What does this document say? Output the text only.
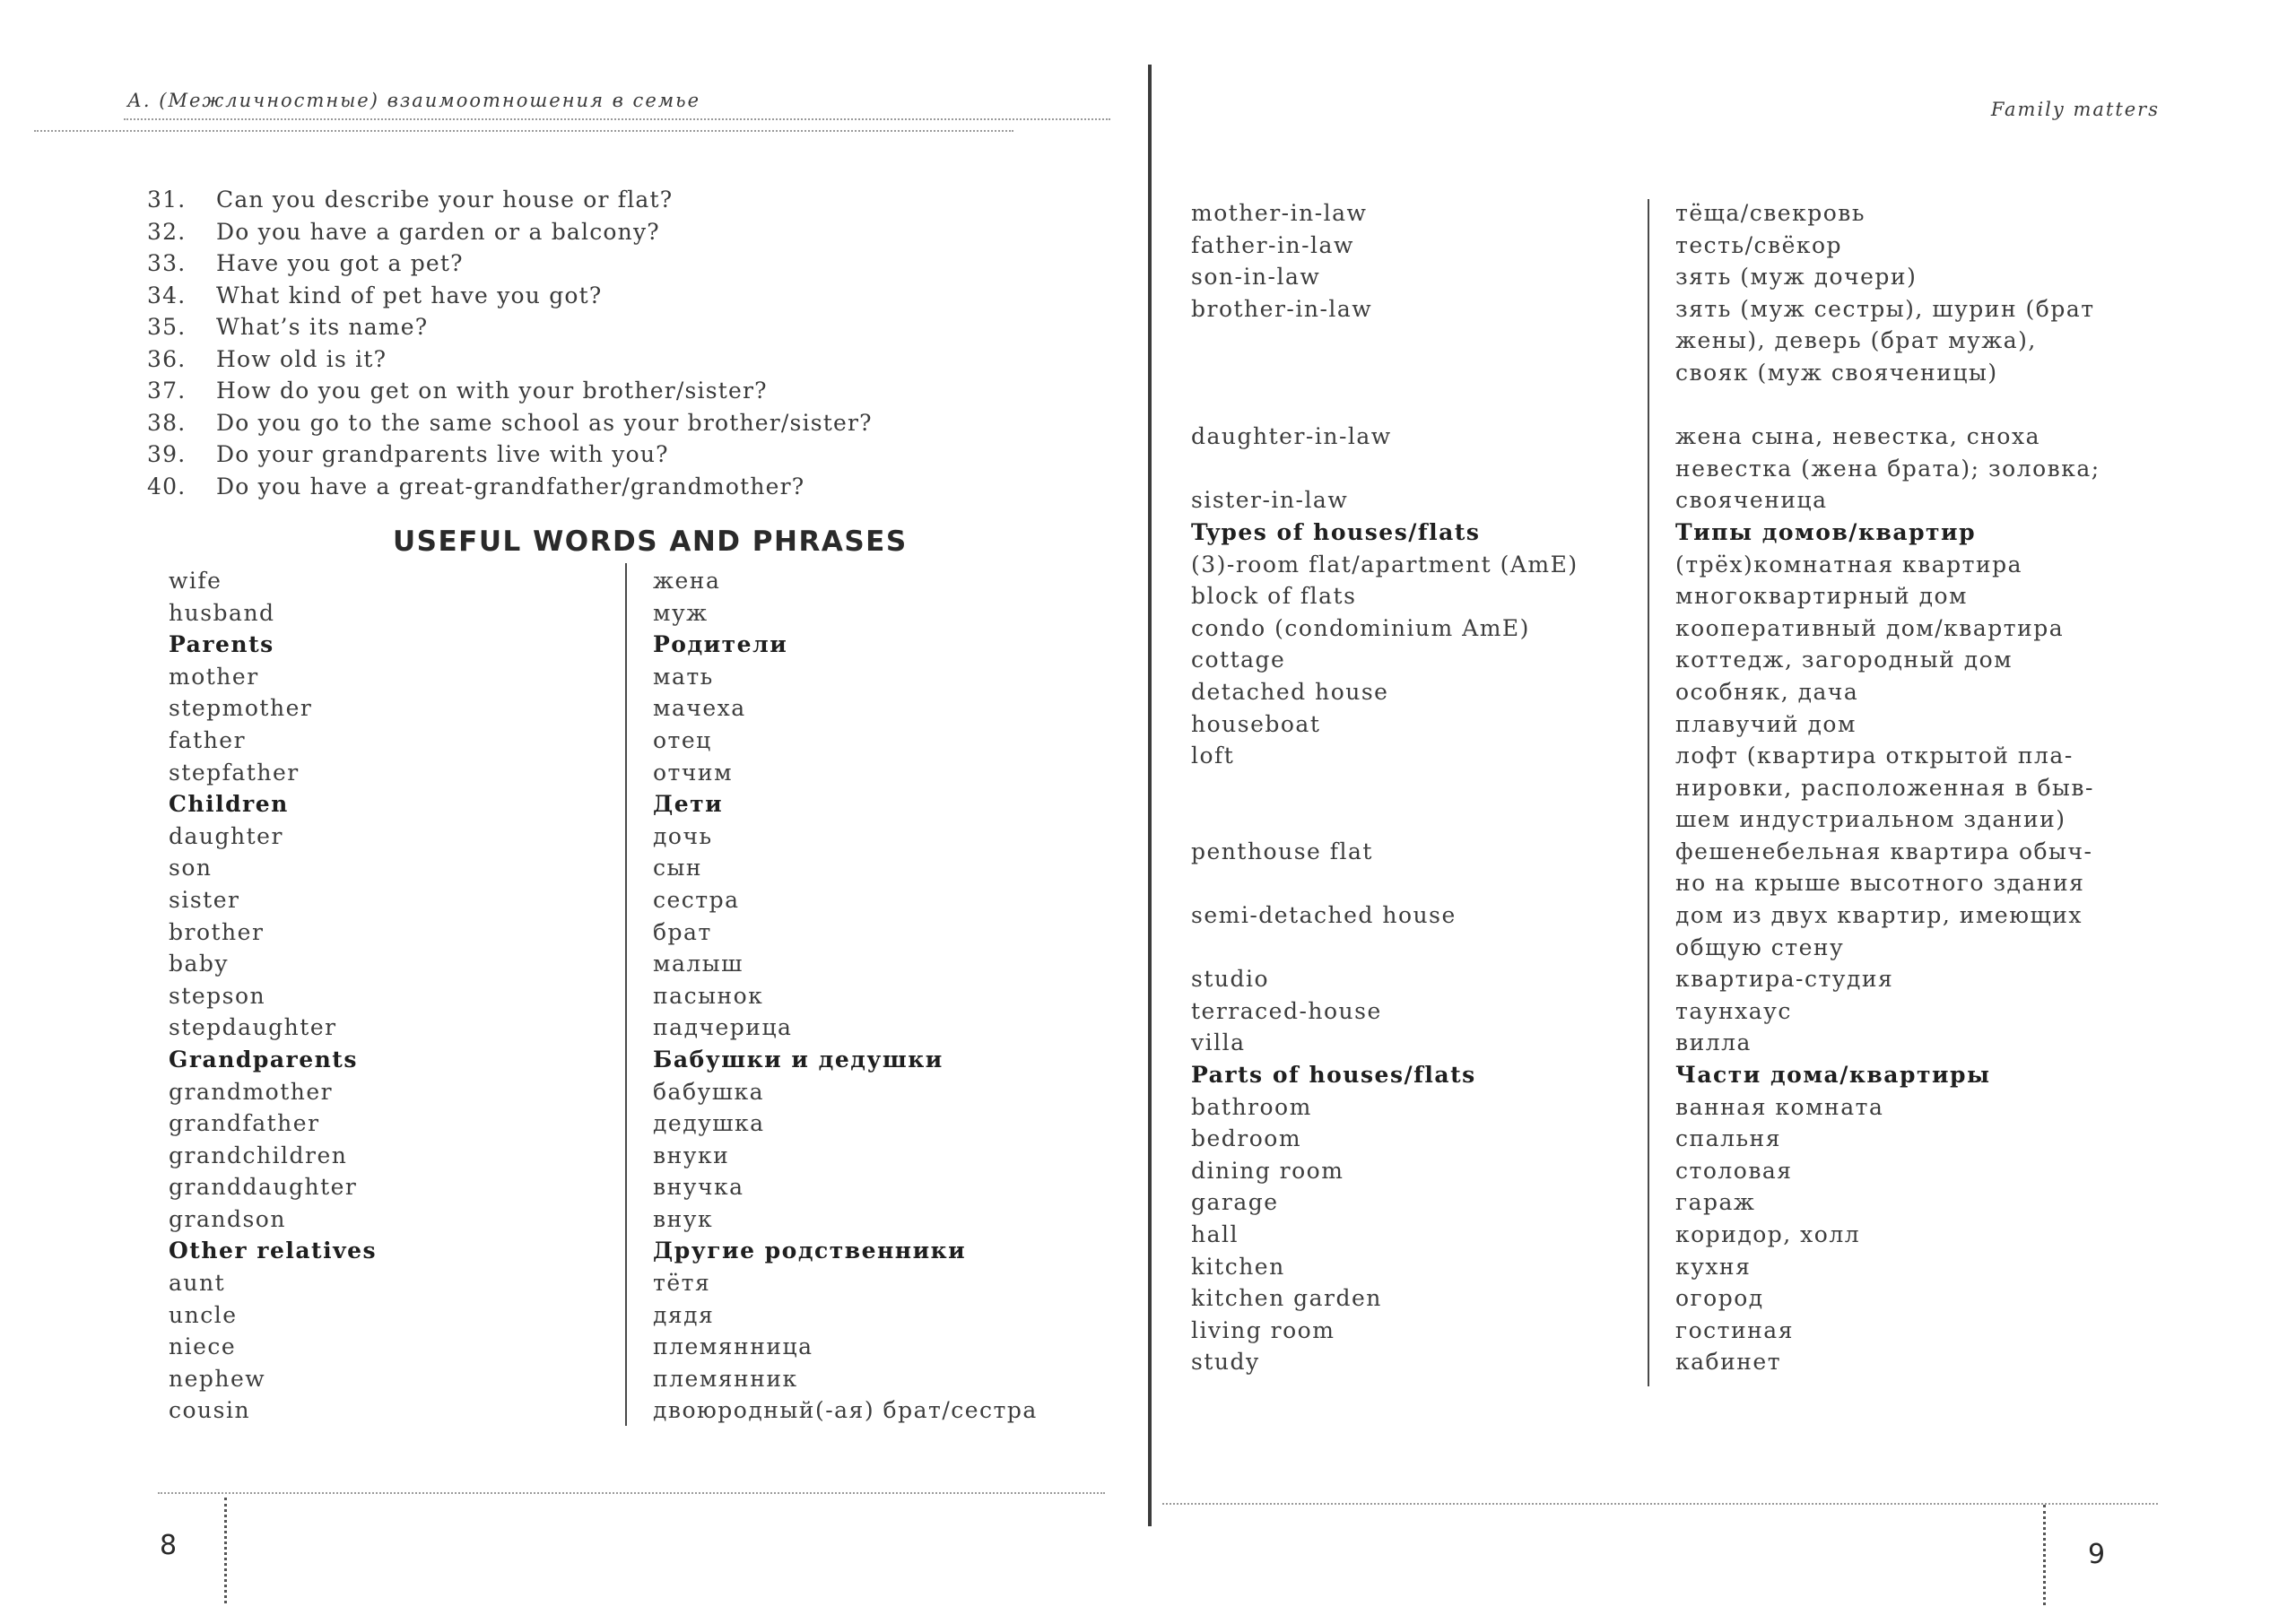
А. (Межличностные) взаимоотношения в семье	Family matters
31. Can you describe your house or flat?
32. Do you have a garden or a balcony?
33. Have you got a pet?
34. What kind of pet have you got?
35. What’s its name?
36. How old is it?
37. How do you get on with your brother/sister?
38. Do you go to the same school as your brother/sister?
39. Do your grandparents live with you?
40. Do you have a great-grandfather/grandmother?
USEFUL WORDS AND PHRASES
wife
husband
Parents
mother
stepmother
father
stepfather
Children
daughter
son
sister
brother
baby
stepson
stepdaughter
Grandparents
grandmother
grandfather
grandchildren
granddaughter
grandson
Other relatives
aunt
uncle
niece
nephew
cousin
жена
муж
Родители
мать
мачеха
отец
отчим
Дети
дочь
сын
сестра
брат
малыш
пасынок
падчерица
Бабушки и дедушки
бабушка
дедушка
внуки
внучка
внук
Другие родственники
тётя
дядя
племянница
племянник
двоюродный(-ая) брат/сестра
mother-in-law
father-in-law
son-in-law
brother-in-law
daughter-in-law
sister-in-law
Types of houses/flats
(3)-room flat/apartment (AmE)
block of flats
condo (condominium AmE)
cottage
detached house
houseboat
loft
penthouse flat
semi-detached house
studio
terraced-house
villa
Parts of houses/flats
bathroom
bedroom
dining room
garage
hall
kitchen
kitchen garden
living room
study
тёща/свекровь
тесть/свёкор
зять (муж дочери)
зять (муж сестры), шурин (брат
жены), деверь (брат мужа),
свояк (муж свояченицы)
жена сына, невестка, сноха
невестка (жена брата); золовка;
свояченица
Типы домов/квартир
(трёх)комнатная квартира
многоквартирный дом
кооперативный дом/квартира
коттедж, загородный дом
особняк, дача
плавучий дом
лофт (квартира открытой пла-
нировки, расположенная в быв-
шем индустриальном здании)
фешенебельная квартира обыч-
но на крыше высотного здания
дом из двух квартир, имеющих
общую стену
квартира-студия
таунхаус
вилла
Части дома/квартиры
ванная комната
спальня
столовая
гараж
коридор, холл
кухня
огород
гостиная
кабинет
8	9
